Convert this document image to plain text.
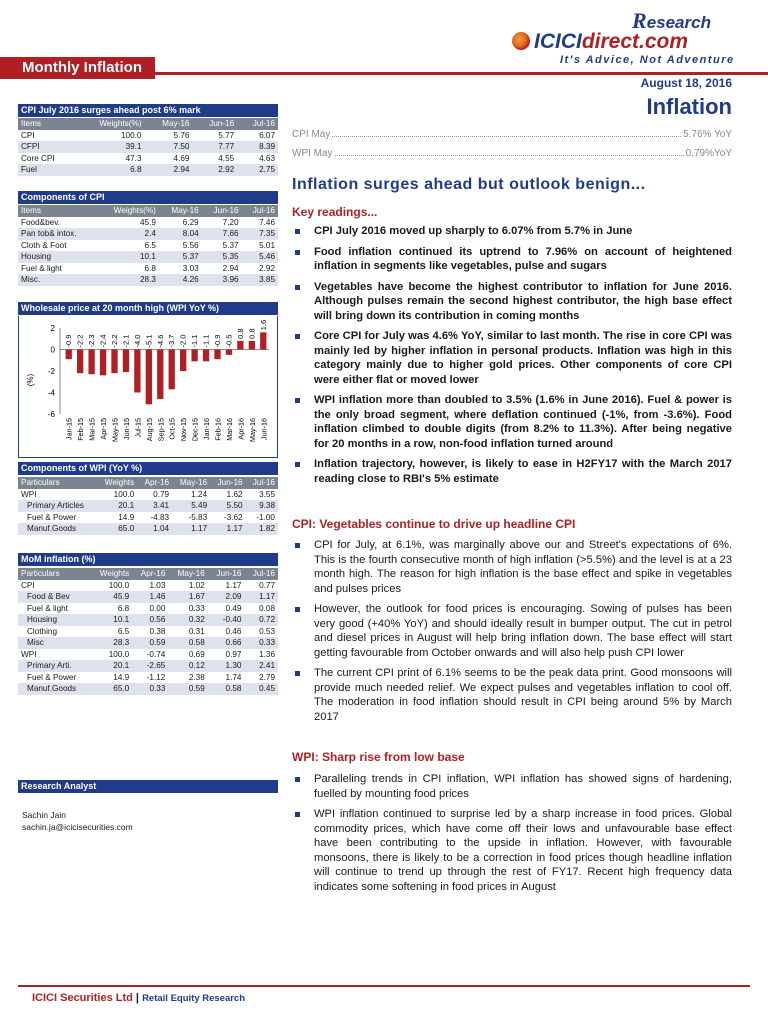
Research
ICICIdirect.com
It's Advice, Not Adventure
Monthly Inflation
August 18, 2016
Inflation
CPI May	5.76% YoY
WPI May	0.79%YoY
Inflation surges ahead but outlook benign...
Key readings...
CPI July 2016 moved up sharply to 6.07% from 5.7% in June
Food inflation continued its uptrend to 7.96% on account of heightened inflation in segments like vegetables, pulse and sugars
Vegetables have become the highest contributor to inflation for June 2016. Although pulses remain the second highest contributor, the high base effect will bring down its contribution in coming months
Core CPI for July was 4.6% YoY, similar to last month. The rise in core CPI was mainly led by higher inflation in personal products. Inflation was high in this category mainly due to higher gold prices. Other components of core CPI were either flat or moved lower
WPI inflation more than doubled to 3.5% (1.6% in June 2016). Fuel & power is the only broad segment, where deflation continued (-1%, from -3.6%). Food inflation climbed to double digits (from 8.2% to 11.3%). After being negative for 20 months in a row, non-food inflation turned around
Inflation trajectory, however, is likely to ease in H2FY17 with the March 2017 reading close to RBI's 5% estimate
CPI: Vegetables continue to drive up headline CPI
CPI for July, at 6.1%, was marginally above our and Street's expectations of 6%. This is the fourth consecutive month of high inflation (>5.5%) and the level is at a 23 month high. The reason for high inflation is the base effect and spike in vegetables and pulses prices
However, the outlook for food prices is encouraging. Sowing of pulses has been very good (+40% YoY) and should ideally result in bumper output. The cut in petrol and diesel prices in August will help bring inflation down. The base effect will start getting favourable from October onwards and will also help push CPI lower
The current CPI print of 6.1% seems to be the peak data print. Good monsoons will provide much needed relief. We expect pulses and vegetables inflation to cool off. The moderation in food inflation should result in CPI being around 5% by March 2017
WPI: Sharp rise from low base
Paralleling trends in CPI inflation, WPI inflation has showed signs of hardening, fuelled by mounting food prices
WPI inflation continued to surprise led by a sharp increase in food prices. Global commodity prices, which have come off their lows and unfavourable base effect have been contributing to the upside in inflation. However, with favourable monsoons, there is likely to be a correction in food prices though headline inflation will continue to trend up through the rest of FY17. Recent high frequency data indicates some softening in food prices in August
CPI July 2016 surges ahead post 6% mark
Items	Weights(%)	May-16	Jun-16	Jul-16
CPI	100.0	5.76	5.77	6.07
CFPI	39.1	7.50	7.77	8.39
Core CPI	47.3	4.69	4.55	4.63
Fuel	6.8	2.94	2.92	2.75
Components of CPI
Items	Weights(%)	May-16	Jun-16	Jul-16
Food&bev.	45.9	6.29	7.20	7.46
Pan tob& intox.	2.4	8.04	7.66	7.35
Cloth & Foot	6.5	5.56	5.37	5.01
Housing	10.1	5.37	5.35	5.46
Fuel & light	6.8	3.03	2.94	2.92
Misc.	28.3	4.26	3.96	3.85
Wholesale price at 20 month high (WPI YoY %)
(%)
2
0
-2
-4
-6
-0.9
Jan-15
-2.2
Feb-15
-2.3
Mar-15
-2.4
Apr-15
-2.2
May-15
-2.1
Jun-15
-4.0
Jul-15
-5.1
Aug-15
-4.6
Sep-15
-3.7
Oct-15
-2.0
Nov-15
-1.1
Dec-15
-1.1
Jan-16
-0.9
Feb-16
-0.5
Mar-16
0.8
Apr-16
0.8
May-16
1.6
Jun-16
Components of WPI (YoY %)
Particulars	Weights	Apr-16	May-16	Jun-16	Jul-16
WPI	100.0	0.79	1.24	1.62	3.55
Primary Articles	20.1	3.41	5.49	5.50	9.38
Fuel & Power	14.9	-4.83	-5.83	-3.62	-1.00
Manuf.Goods	65.0	1.04	1.17	1.17	1.82
MoM inflation (%)
Particulars	Weights	Apr-16	May-16	Jun-16	Jul-16
CPI	100.0	1.03	1.02	1.17	0.77
Food & Bev	45.9	1.46	1.67	2.09	1.17
Fuel & light	6.8	0.00	0.33	0.49	0.08
Housing	10.1	0.56	0.32	-0.40	0.72
Clothing	6.5	0.38	0.31	0.46	0.53
Misc	28.3	0.59	0.58	0.66	0.33
WPI	100.0	-0.74	0.69	0.97	1.36
Primary Arti.	20.1	-2.65	0.12	1.30	2.41
Fuel & Power	14.9	-1.12	2.38	1.74	2.79
Manuf.Goods	65.0	0.33	0.59	0.58	0.45
Research Analyst
Sachin Jain
sachin.ja@icicisecurities.com
ICICI Securities Ltd | Retail Equity Research
